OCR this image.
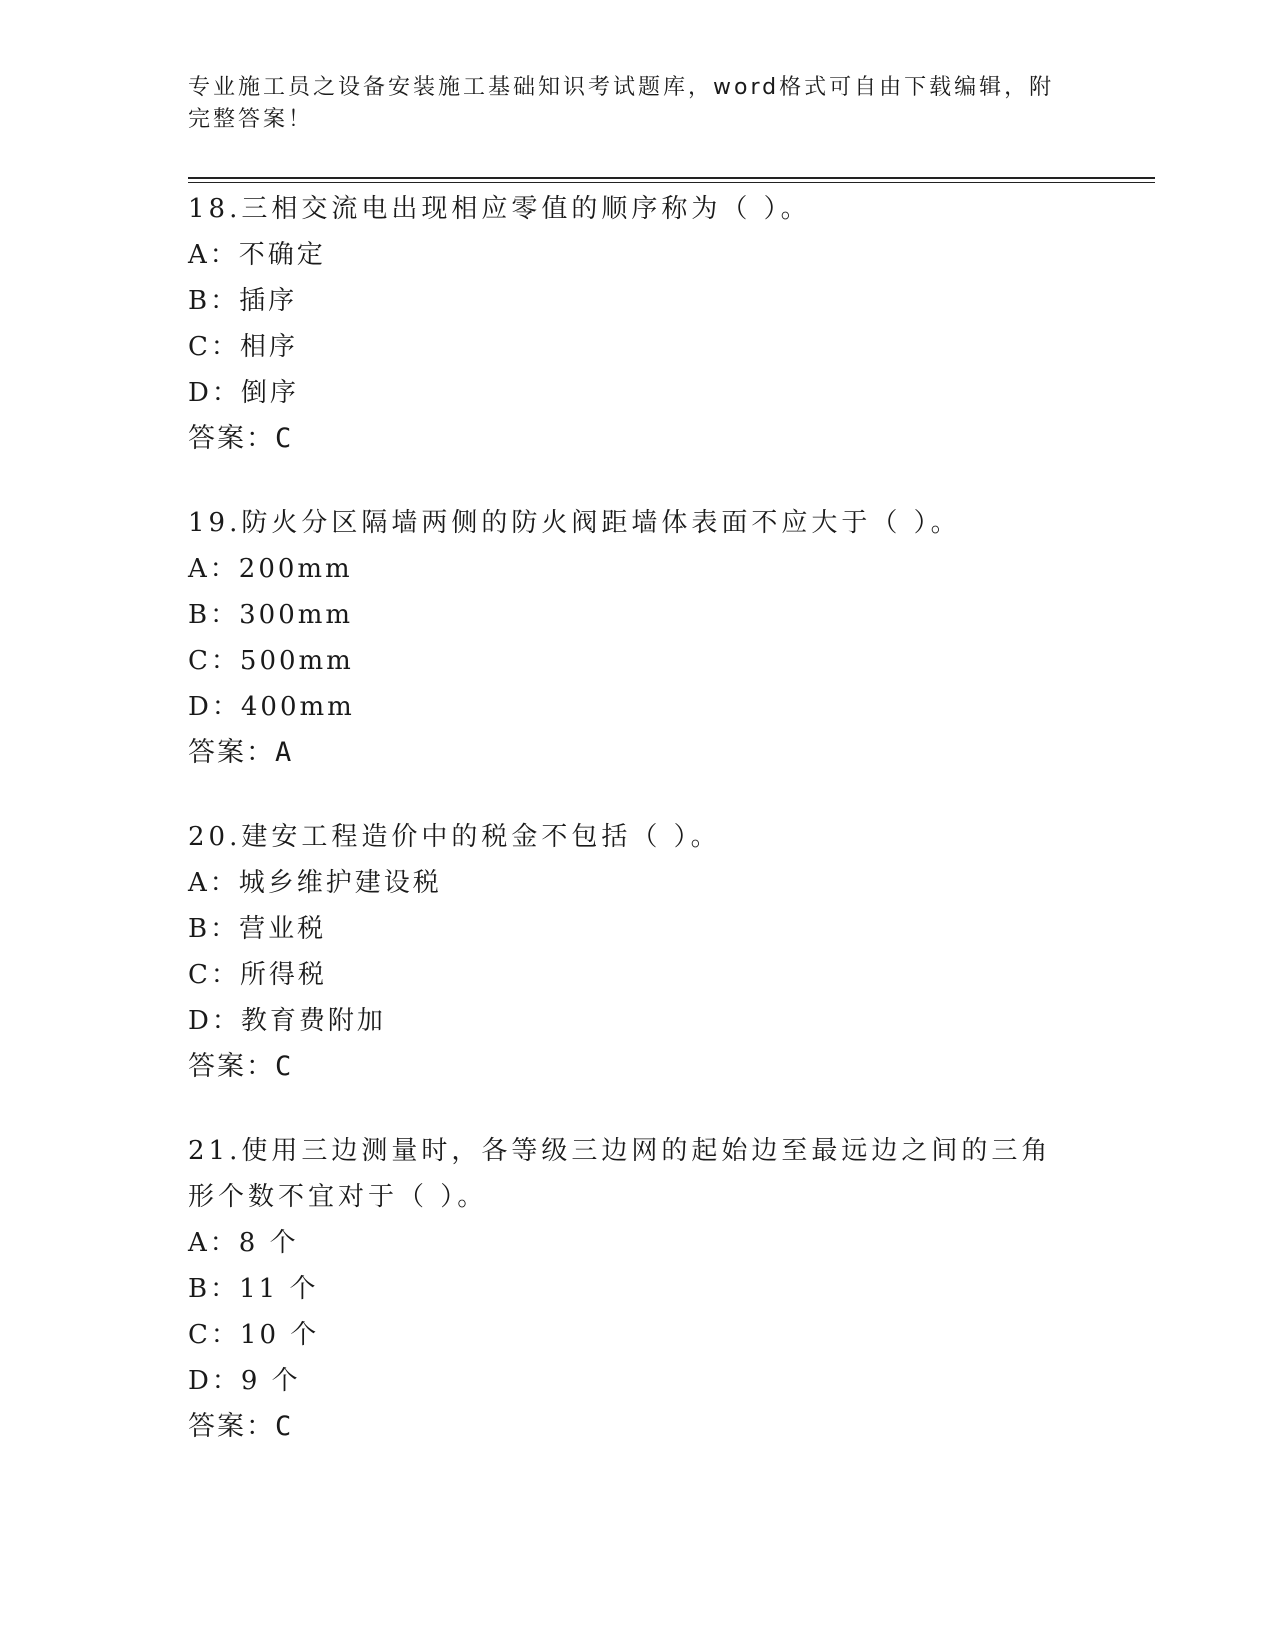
专业施工员之设备安装施工基础知识考试题库，word格式可自由下载编辑，附完整答案！

18.三相交流电出现相应零值的顺序称为（ ）。

A：不确定

B：插序

C：相序

D：倒序

答案：C

19.防火分区隔墙两侧的防火阀距墙体表面不应大于（ ）。

A：200mm

B：300mm

C：500mm

D：400mm

答案：A

20.建安工程造价中的税金不包括（ ）。

A：城乡维护建设税

B：营业税

C：所得税

D：教育费附加

答案：C

21.使用三边测量时，各等级三边网的起始边至最远边之间的三角形个数不宜对于（ ）。

A：8 个

B：11 个

C：10 个

D：9 个

答案：C
